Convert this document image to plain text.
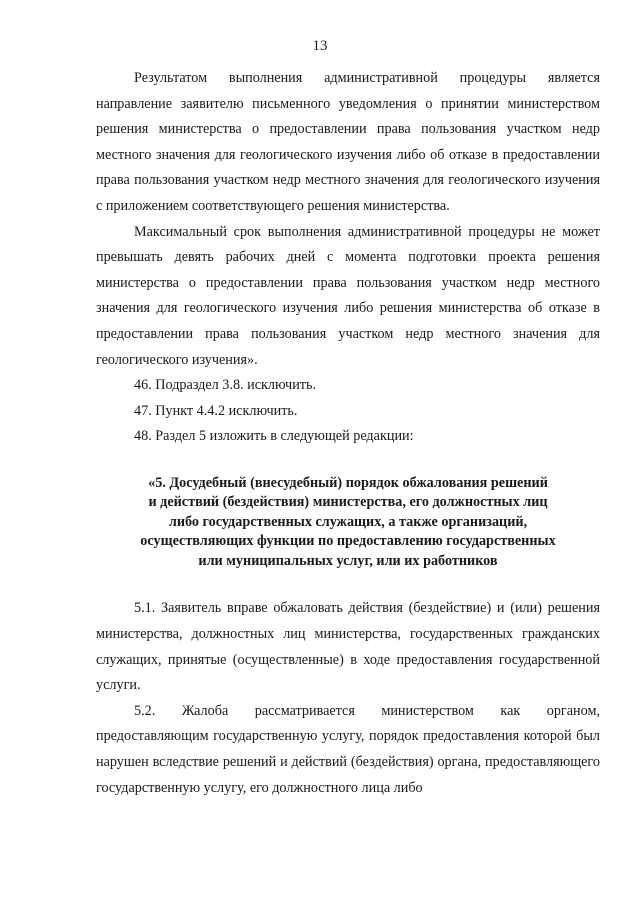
13

Результатом выполнения административной процедуры является направление заявителю письменного уведомления о принятии министерством решения министерства о предоставлении права пользования участком недр местного значения для геологического изучения либо об отказе в предоставлении права пользования участком недр местного значения для геологического изучения с приложением соответствующего решения министерства.

Максимальный срок выполнения административной процедуры не может превышать девять рабочих дней с момента подготовки проекта решения министерства о предоставлении права пользования участком недр местного значения для геологического изучения либо решения министерства об отказе в предоставлении права пользования участком недр местного значения для геологического изучения».

46. Подраздел 3.8. исключить.

47. Пункт 4.4.2 исключить.

48. Раздел 5 изложить в следующей редакции:

«5. Досудебный (внесудебный) порядок обжалования решений
и действий (бездействия) министерства, его должностных лиц
либо государственных служащих, а также организаций,
осуществляющих функции по предоставлению государственных
или муниципальных услуг, или их работников

5.1. Заявитель вправе обжаловать действия (бездействие) и (или) решения министерства, должностных лиц министерства, государственных гражданских служащих, принятые (осуществленные) в ходе предоставления государственной услуги.

5.2. Жалоба рассматривается министерством как органом, предоставляющим государственную услугу, порядок предоставления которой был нарушен вследствие решений и действий (бездействия) органа, предоставляющего государственную услугу, его должностного лица либо
